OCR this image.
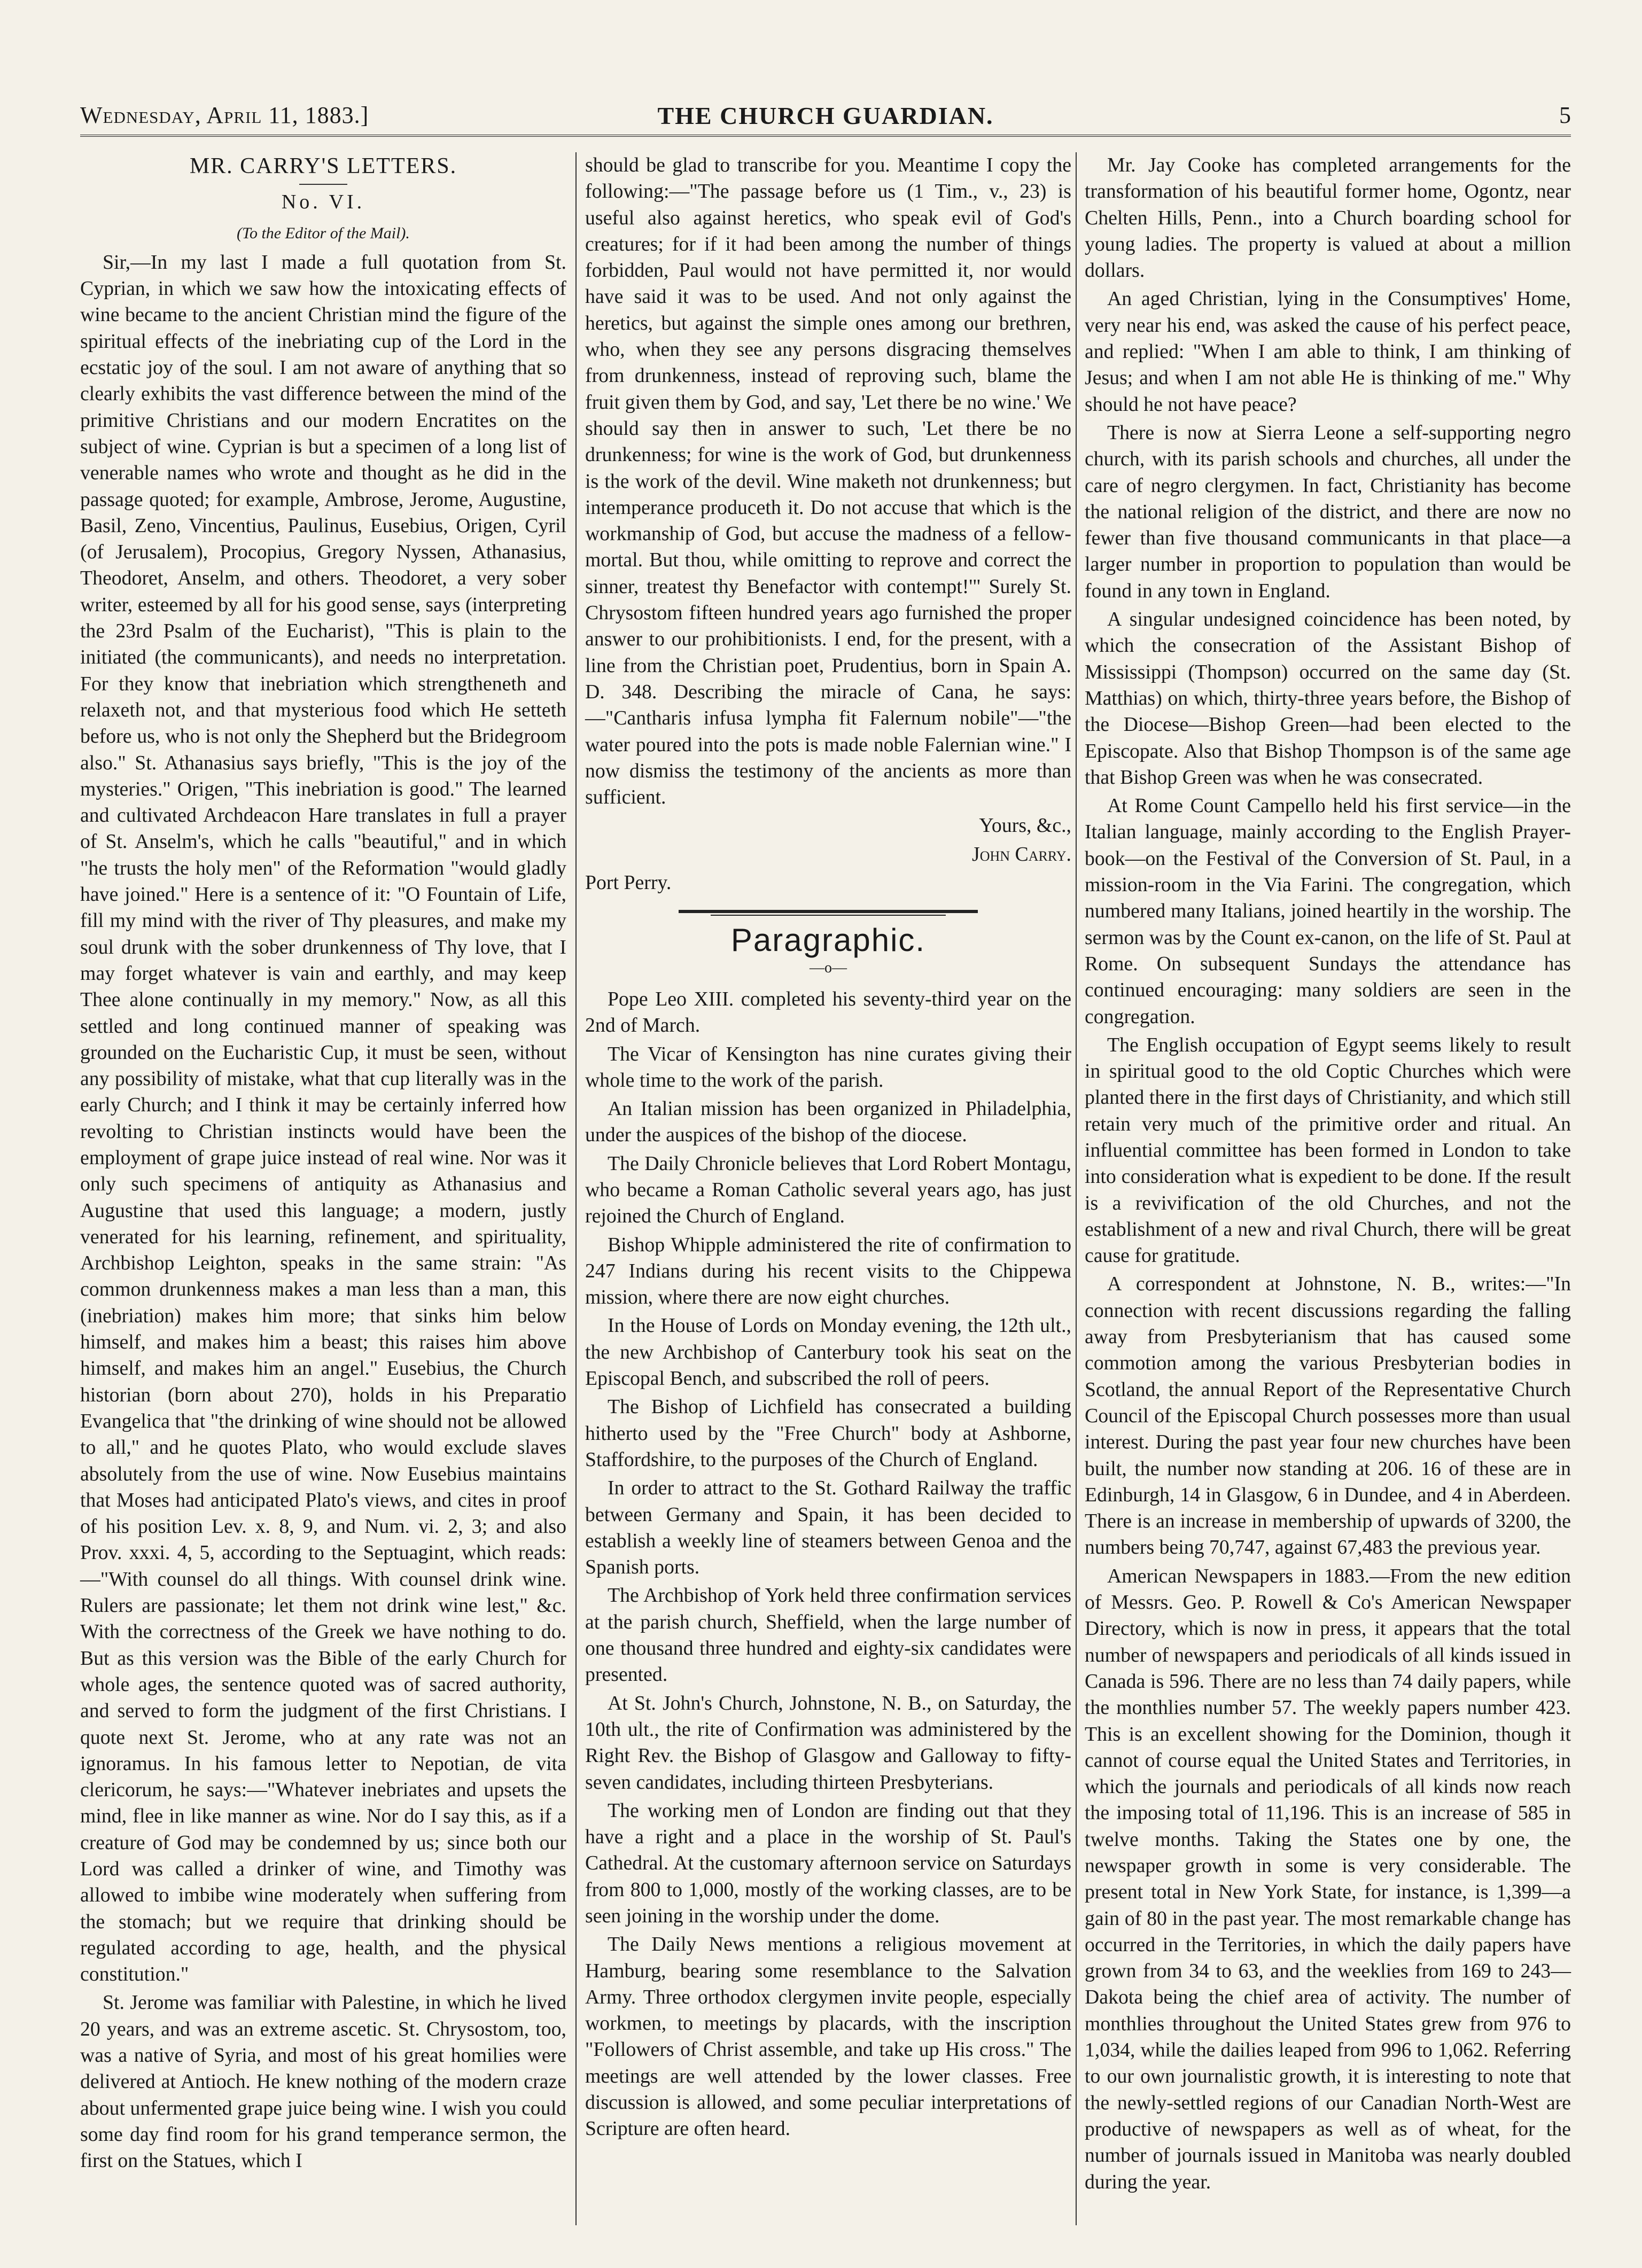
Wednesday, April 11, 1883.]	THE CHURCH GUARDIAN.	5
MR. CARRY'S LETTERS.
No. VI.
(To the Editor of the Mail).

Sir,—In my last I made a full quotation from St. Cyprian, in which we saw how the intoxicating effects of wine became to the ancient Christian mind the figure of the spiritual effects of the inebriating cup of the Lord in the ecstatic joy of the soul. I am not aware of anything that so clearly exhibits the vast difference between the mind of the primitive Christians and our modern Encratites on the subject of wine. Cyprian is but a specimen of a long list of venerable names who wrote and thought as he did in the passage quoted; for example, Ambrose, Jerome, Augustine, Basil, Zeno, Vincentius, Paulinus, Eusebius, Origen, Cyril (of Jerusalem), Procopius, Gregory Nyssen, Athanasius, Theodoret, Anselm, and others. Theodoret, a very sober writer, esteemed by all for his good sense, says (interpreting the 23rd Psalm of the Eucharist), "This is plain to the initiated (the communicants), and needs no interpretation. For they know that inebriation which strengtheneth and relaxeth not, and that mysterious food which He setteth before us, who is not only the Shepherd but the Bridegroom also." St. Athanasius says briefly, "This is the joy of the mysteries." Origen, "This inebriation is good." The learned and cultivated Archdeacon Hare translates in full a prayer of St. Anselm's, which he calls "beautiful," and in which "he trusts the holy men" of the Reformation "would gladly have joined." Here is a sentence of it: "O Fountain of Life, fill my mind with the river of Thy pleasures, and make my soul drunk with the sober drunkenness of Thy love, that I may forget whatever is vain and earthly, and may keep Thee alone continually in my memory." Now, as all this settled and long continued manner of speaking was grounded on the Eucharistic Cup, it must be seen, without any possibility of mistake, what that cup literally was in the early Church; and I think it may be certainly inferred how revolting to Christian instincts would have been the employment of grape juice instead of real wine. Nor was it only such specimens of antiquity as Athanasius and Augustine that used this language; a modern, justly venerated for his learning, refinement, and spirituality, Archbishop Leighton, speaks in the same strain: "As common drunkenness makes a man less than a man, this (inebriation) makes him more; that sinks him below himself, and makes him a beast; this raises him above himself, and makes him an angel." Eusebius, the Church historian (born about 270), holds in his Preparatio Evangelica that "the drinking of wine should not be allowed to all," and he quotes Plato, who would exclude slaves absolutely from the use of wine. Now Eusebius maintains that Moses had anticipated Plato's views, and cites in proof of his position Lev. x. 8, 9, and Num. vi. 2, 3; and also Prov. xxxi. 4, 5, according to the Septuagint, which reads:—"With counsel do all things. With counsel drink wine. Rulers are passionate; let them not drink wine lest," &c. With the correctness of the Greek we have nothing to do. But as this version was the Bible of the early Church for whole ages, the sentence quoted was of sacred authority, and served to form the judgment of the first Christians. I quote next St. Jerome, who at any rate was not an ignoramus. In his famous letter to Nepotian, de vita clericorum, he says:—"Whatever inebriates and upsets the mind, flee in like manner as wine. Nor do I say this, as if a creature of God may be condemned by us; since both our Lord was called a drinker of wine, and Timothy was allowed to imbibe wine moderately when suffering from the stomach; but we require that drinking should be regulated according to age, health, and the physical constitution."

St. Jerome was familiar with Palestine, in which he lived 20 years, and was an extreme ascetic. St. Chrysostom, too, was a native of Syria, and most of his great homilies were delivered at Antioch. He knew nothing of the modern craze about unfermented grape juice being wine. I wish you could some day find room for his grand temperance sermon, the first on the Statues, which I

should be glad to transcribe for you. Meantime I copy the following:—"The passage before us (1 Tim., v., 23) is useful also against heretics, who speak evil of God's creatures; for if it had been among the number of things forbidden, Paul would not have permitted it, nor would have said it was to be used. And not only against the heretics, but against the simple ones among our brethren, who, when they see any persons disgracing themselves from drunkenness, instead of reproving such, blame the fruit given them by God, and say, 'Let there be no wine.' We should say then in answer to such, 'Let there be no drunkenness; for wine is the work of God, but drunkenness is the work of the devil. Wine maketh not drunkenness; but intemperance produceth it. Do not accuse that which is the workmanship of God, but accuse the madness of a fellow-mortal. But thou, while omitting to reprove and correct the sinner, treatest thy Benefactor with contempt!'" Surely St. Chrysostom fifteen hundred years ago furnished the proper answer to our prohibitionists. I end, for the present, with a line from the Christian poet, Prudentius, born in Spain A. D. 348. Describing the miracle of Cana, he says:—"Cantharis infusa lympha fit Falernum nobile"—"the water poured into the pots is made noble Falernian wine." I now dismiss the testimony of the ancients as more than sufficient.

Yours, &c.,

John Carry.

Port Perry.

Paragraphic.
—o—

Pope Leo XIII. completed his seventy-third year on the 2nd of March.

The Vicar of Kensington has nine curates giving their whole time to the work of the parish.

An Italian mission has been organized in Philadelphia, under the auspices of the bishop of the diocese.

The Daily Chronicle believes that Lord Robert Montagu, who became a Roman Catholic several years ago, has just rejoined the Church of England.

Bishop Whipple administered the rite of confirmation to 247 Indians during his recent visits to the Chippewa mission, where there are now eight churches.

In the House of Lords on Monday evening, the 12th ult., the new Archbishop of Canterbury took his seat on the Episcopal Bench, and subscribed the roll of peers.

The Bishop of Lichfield has consecrated a building hitherto used by the "Free Church" body at Ashborne, Staffordshire, to the purposes of the Church of England.

In order to attract to the St. Gothard Railway the traffic between Germany and Spain, it has been decided to establish a weekly line of steamers between Genoa and the Spanish ports.

The Archbishop of York held three confirmation services at the parish church, Sheffield, when the large number of one thousand three hundred and eighty-six candidates were presented.

At St. John's Church, Johnstone, N. B., on Saturday, the 10th ult., the rite of Confirmation was administered by the Right Rev. the Bishop of Glasgow and Galloway to fifty-seven candidates, including thirteen Presbyterians.

The working men of London are finding out that they have a right and a place in the worship of St. Paul's Cathedral. At the customary afternoon service on Saturdays from 800 to 1,000, mostly of the working classes, are to be seen joining in the worship under the dome.

The Daily News mentions a religious movement at Hamburg, bearing some resemblance to the Salvation Army. Three orthodox clergymen invite people, especially workmen, to meetings by placards, with the inscription "Followers of Christ assemble, and take up His cross." The meetings are well attended by the lower classes. Free discussion is allowed, and some peculiar interpretations of Scripture are often heard.

Mr. Jay Cooke has completed arrangements for the transformation of his beautiful former home, Ogontz, near Chelten Hills, Penn., into a Church boarding school for young ladies. The property is valued at about a million dollars.

An aged Christian, lying in the Consumptives' Home, very near his end, was asked the cause of his perfect peace, and replied: "When I am able to think, I am thinking of Jesus; and when I am not able He is thinking of me." Why should he not have peace?

There is now at Sierra Leone a self-supporting negro church, with its parish schools and churches, all under the care of negro clergymen. In fact, Christianity has become the national religion of the district, and there are now no fewer than five thousand communicants in that place—a larger number in proportion to population than would be found in any town in England.

A singular undesigned coincidence has been noted, by which the consecration of the Assistant Bishop of Mississippi (Thompson) occurred on the same day (St. Matthias) on which, thirty-three years before, the Bishop of the Diocese—Bishop Green—had been elected to the Episcopate. Also that Bishop Thompson is of the same age that Bishop Green was when he was consecrated.

At Rome Count Campello held his first service—in the Italian language, mainly according to the English Prayer-book—on the Festival of the Conversion of St. Paul, in a mission-room in the Via Farini. The congregation, which numbered many Italians, joined heartily in the worship. The sermon was by the Count ex-canon, on the life of St. Paul at Rome. On subsequent Sundays the attendance has continued encouraging: many soldiers are seen in the congregation.

The English occupation of Egypt seems likely to result in spiritual good to the old Coptic Churches which were planted there in the first days of Christianity, and which still retain very much of the primitive order and ritual. An influential committee has been formed in London to take into consideration what is expedient to be done. If the result is a revivification of the old Churches, and not the establishment of a new and rival Church, there will be great cause for gratitude.

A correspondent at Johnstone, N. B., writes:—"In connection with recent discussions regarding the falling away from Presbyterianism that has caused some commotion among the various Presbyterian bodies in Scotland, the annual Report of the Representative Church Council of the Episcopal Church possesses more than usual interest. During the past year four new churches have been built, the number now standing at 206. 16 of these are in Edinburgh, 14 in Glasgow, 6 in Dundee, and 4 in Aberdeen. There is an increase in membership of upwards of 3200, the numbers being 70,747, against 67,483 the previous year.

American Newspapers in 1883.—From the new edition of Messrs. Geo. P. Rowell & Co's American Newspaper Directory, which is now in press, it appears that the total number of newspapers and periodicals of all kinds issued in Canada is 596. There are no less than 74 daily papers, while the monthlies number 57. The weekly papers number 423. This is an excellent showing for the Dominion, though it cannot of course equal the United States and Territories, in which the journals and periodicals of all kinds now reach the imposing total of 11,196. This is an increase of 585 in twelve months. Taking the States one by one, the newspaper growth in some is very considerable. The present total in New York State, for instance, is 1,399—a gain of 80 in the past year. The most remarkable change has occurred in the Territories, in which the daily papers have grown from 34 to 63, and the weeklies from 169 to 243—Dakota being the chief area of activity. The number of monthlies throughout the United States grew from 976 to 1,034, while the dailies leaped from 996 to 1,062. Referring to our own journalistic growth, it is interesting to note that the newly-settled regions of our Canadian North-West are productive of newspapers as well as of wheat, for the number of journals issued in Manitoba was nearly doubled during the year.
